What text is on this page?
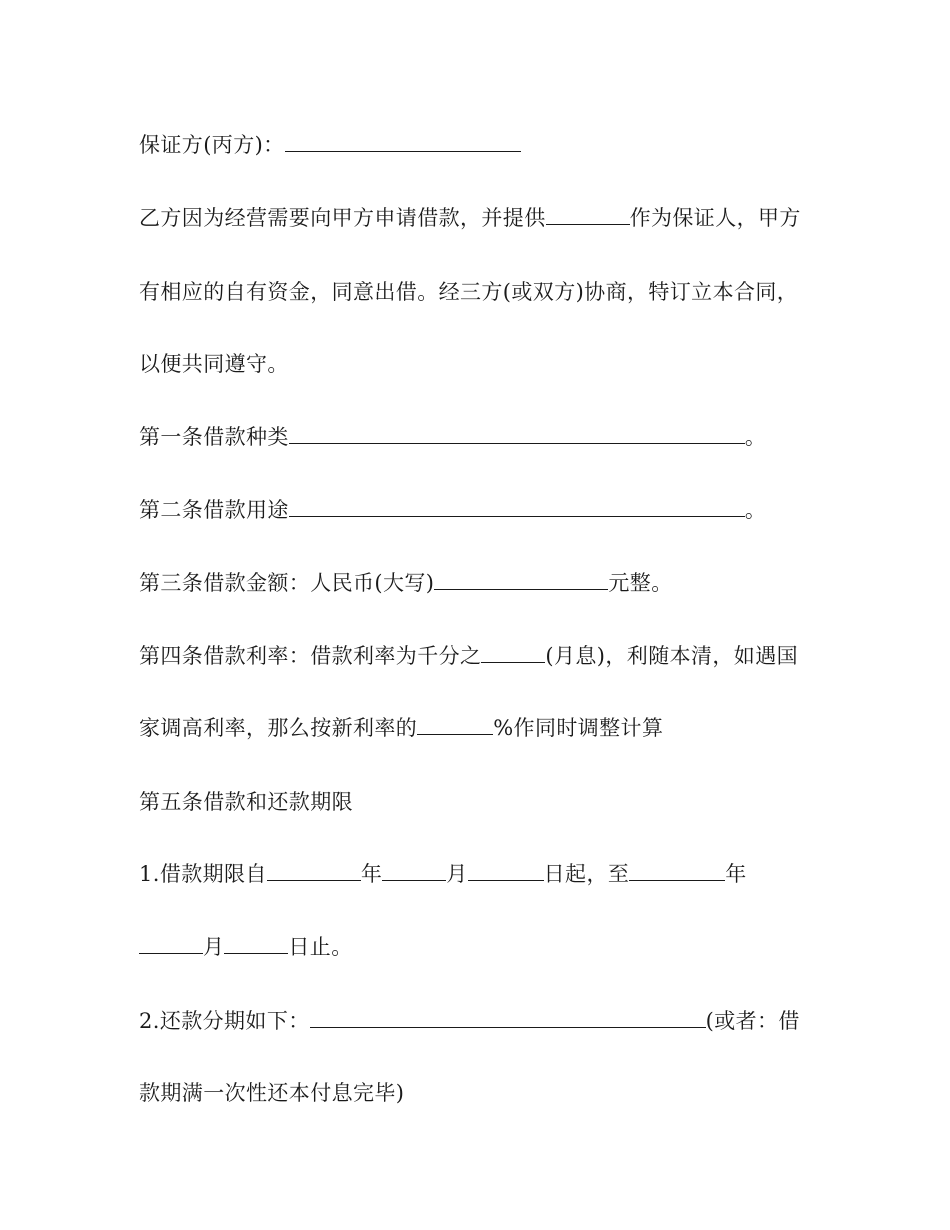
保证方(丙方)：
乙方因为经营需要向甲方申请借款，并提供	作为保证人，甲方
有相应的自有资金，同意出借。经三方(或双方)协商，特订立本合同，
以便共同遵守。
第一条借款种类	。
第二条借款用途	。
第三条借款金额：人民币(大写)	元整。
第四条借款利率：借款利率为千分之	(月息)，利随本清，如遇国
家调高利率，那么按新利率的	%作同时调整计算
第五条借款和还款期限
1.借款期限自	年	月	日起，至	年
月	日止。
2.还款分期如下：	(或者：借
款期满一次性还本付息完毕)
